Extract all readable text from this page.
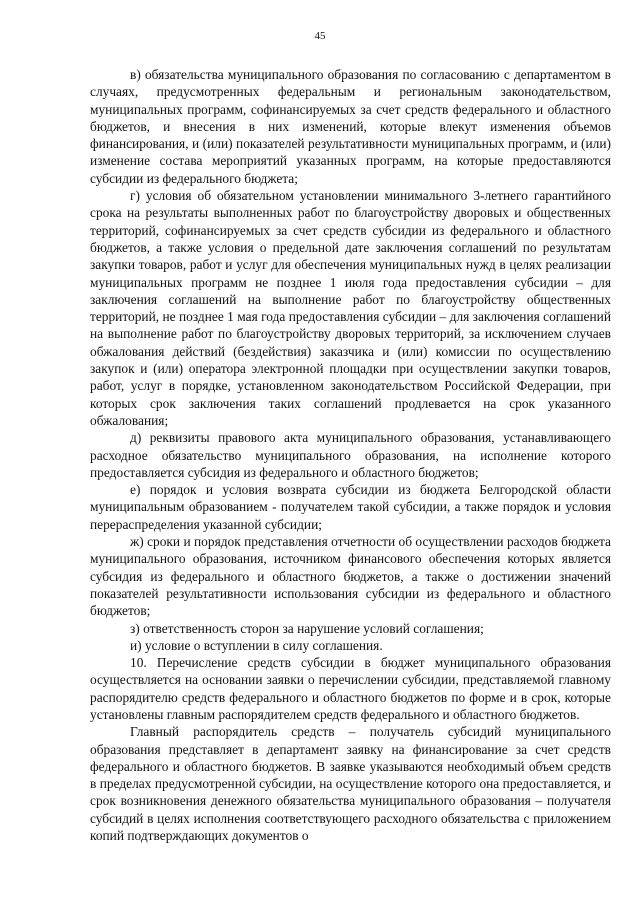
45

в) обязательства муниципального образования по согласованию с департаментом в случаях, предусмотренных федеральным и региональным законодательством, муниципальных программ, софинансируемых за счет средств федерального и областного бюджетов, и внесения в них изменений, которые влекут изменения объемов финансирования, и (или) показателей результативности муниципальных программ, и (или) изменение состава мероприятий указанных программ, на которые предоставляются субсидии из федерального бюджета;

г) условия об обязательном установлении минимального 3-летнего гарантийного срока на результаты выполненных работ по благоустройству дворовых и общественных территорий, софинансируемых за счет средств субсидии из федерального и областного бюджетов, а также условия о предельной дате заключения соглашений по результатам закупки товаров, работ и услуг для обеспечения муниципальных нужд в целях реализации муниципальных программ не позднее 1 июля года предоставления субсидии – для заключения соглашений на выполнение работ по благоустройству общественных территорий, не позднее 1 мая года предоставления субсидии – для заключения соглашений на выполнение работ по благоустройству дворовых территорий, за исключением случаев обжалования действий (бездействия) заказчика и (или) комиссии по осуществлению закупок и (или) оператора электронной площадки при осуществлении закупки товаров, работ, услуг в порядке, установленном законодательством Российской Федерации, при которых срок заключения таких соглашений продлевается на срок указанного обжалования;

д) реквизиты правового акта муниципального образования, устанавливающего расходное обязательство муниципального образования, на исполнение которого предоставляется субсидия из федерального и областного бюджетов;

е) порядок и условия возврата субсидии из бюджета Белгородской области муниципальным образованием - получателем такой субсидии, а также порядок и условия перераспределения указанной субсидии;

ж) сроки и порядок представления отчетности об осуществлении расходов бюджета муниципального образования, источником финансового обеспечения которых является субсидия из федерального и областного бюджетов, а также о достижении значений показателей результативности использования субсидии из федерального и областного бюджетов;

з) ответственность сторон за нарушение условий соглашения;

и) условие о вступлении в силу соглашения.

10. Перечисление средств субсидии в бюджет муниципального образования осуществляется на основании заявки о перечислении субсидии, представляемой главному распорядителю средств федерального и областного бюджетов по форме и в срок, которые установлены главным распорядителем средств федерального и областного бюджетов.

Главный распорядитель средств – получатель субсидий муниципального образования представляет в департамент заявку на финансирование за счет средств федерального и областного бюджетов. В заявке указываются необходимый объем средств в пределах предусмотренной субсидии, на осуществление которого она предоставляется, и срок возникновения денежного обязательства муниципального образования – получателя субсидий в целях исполнения соответствующего расходного обязательства с приложением копий подтверждающих документов о
